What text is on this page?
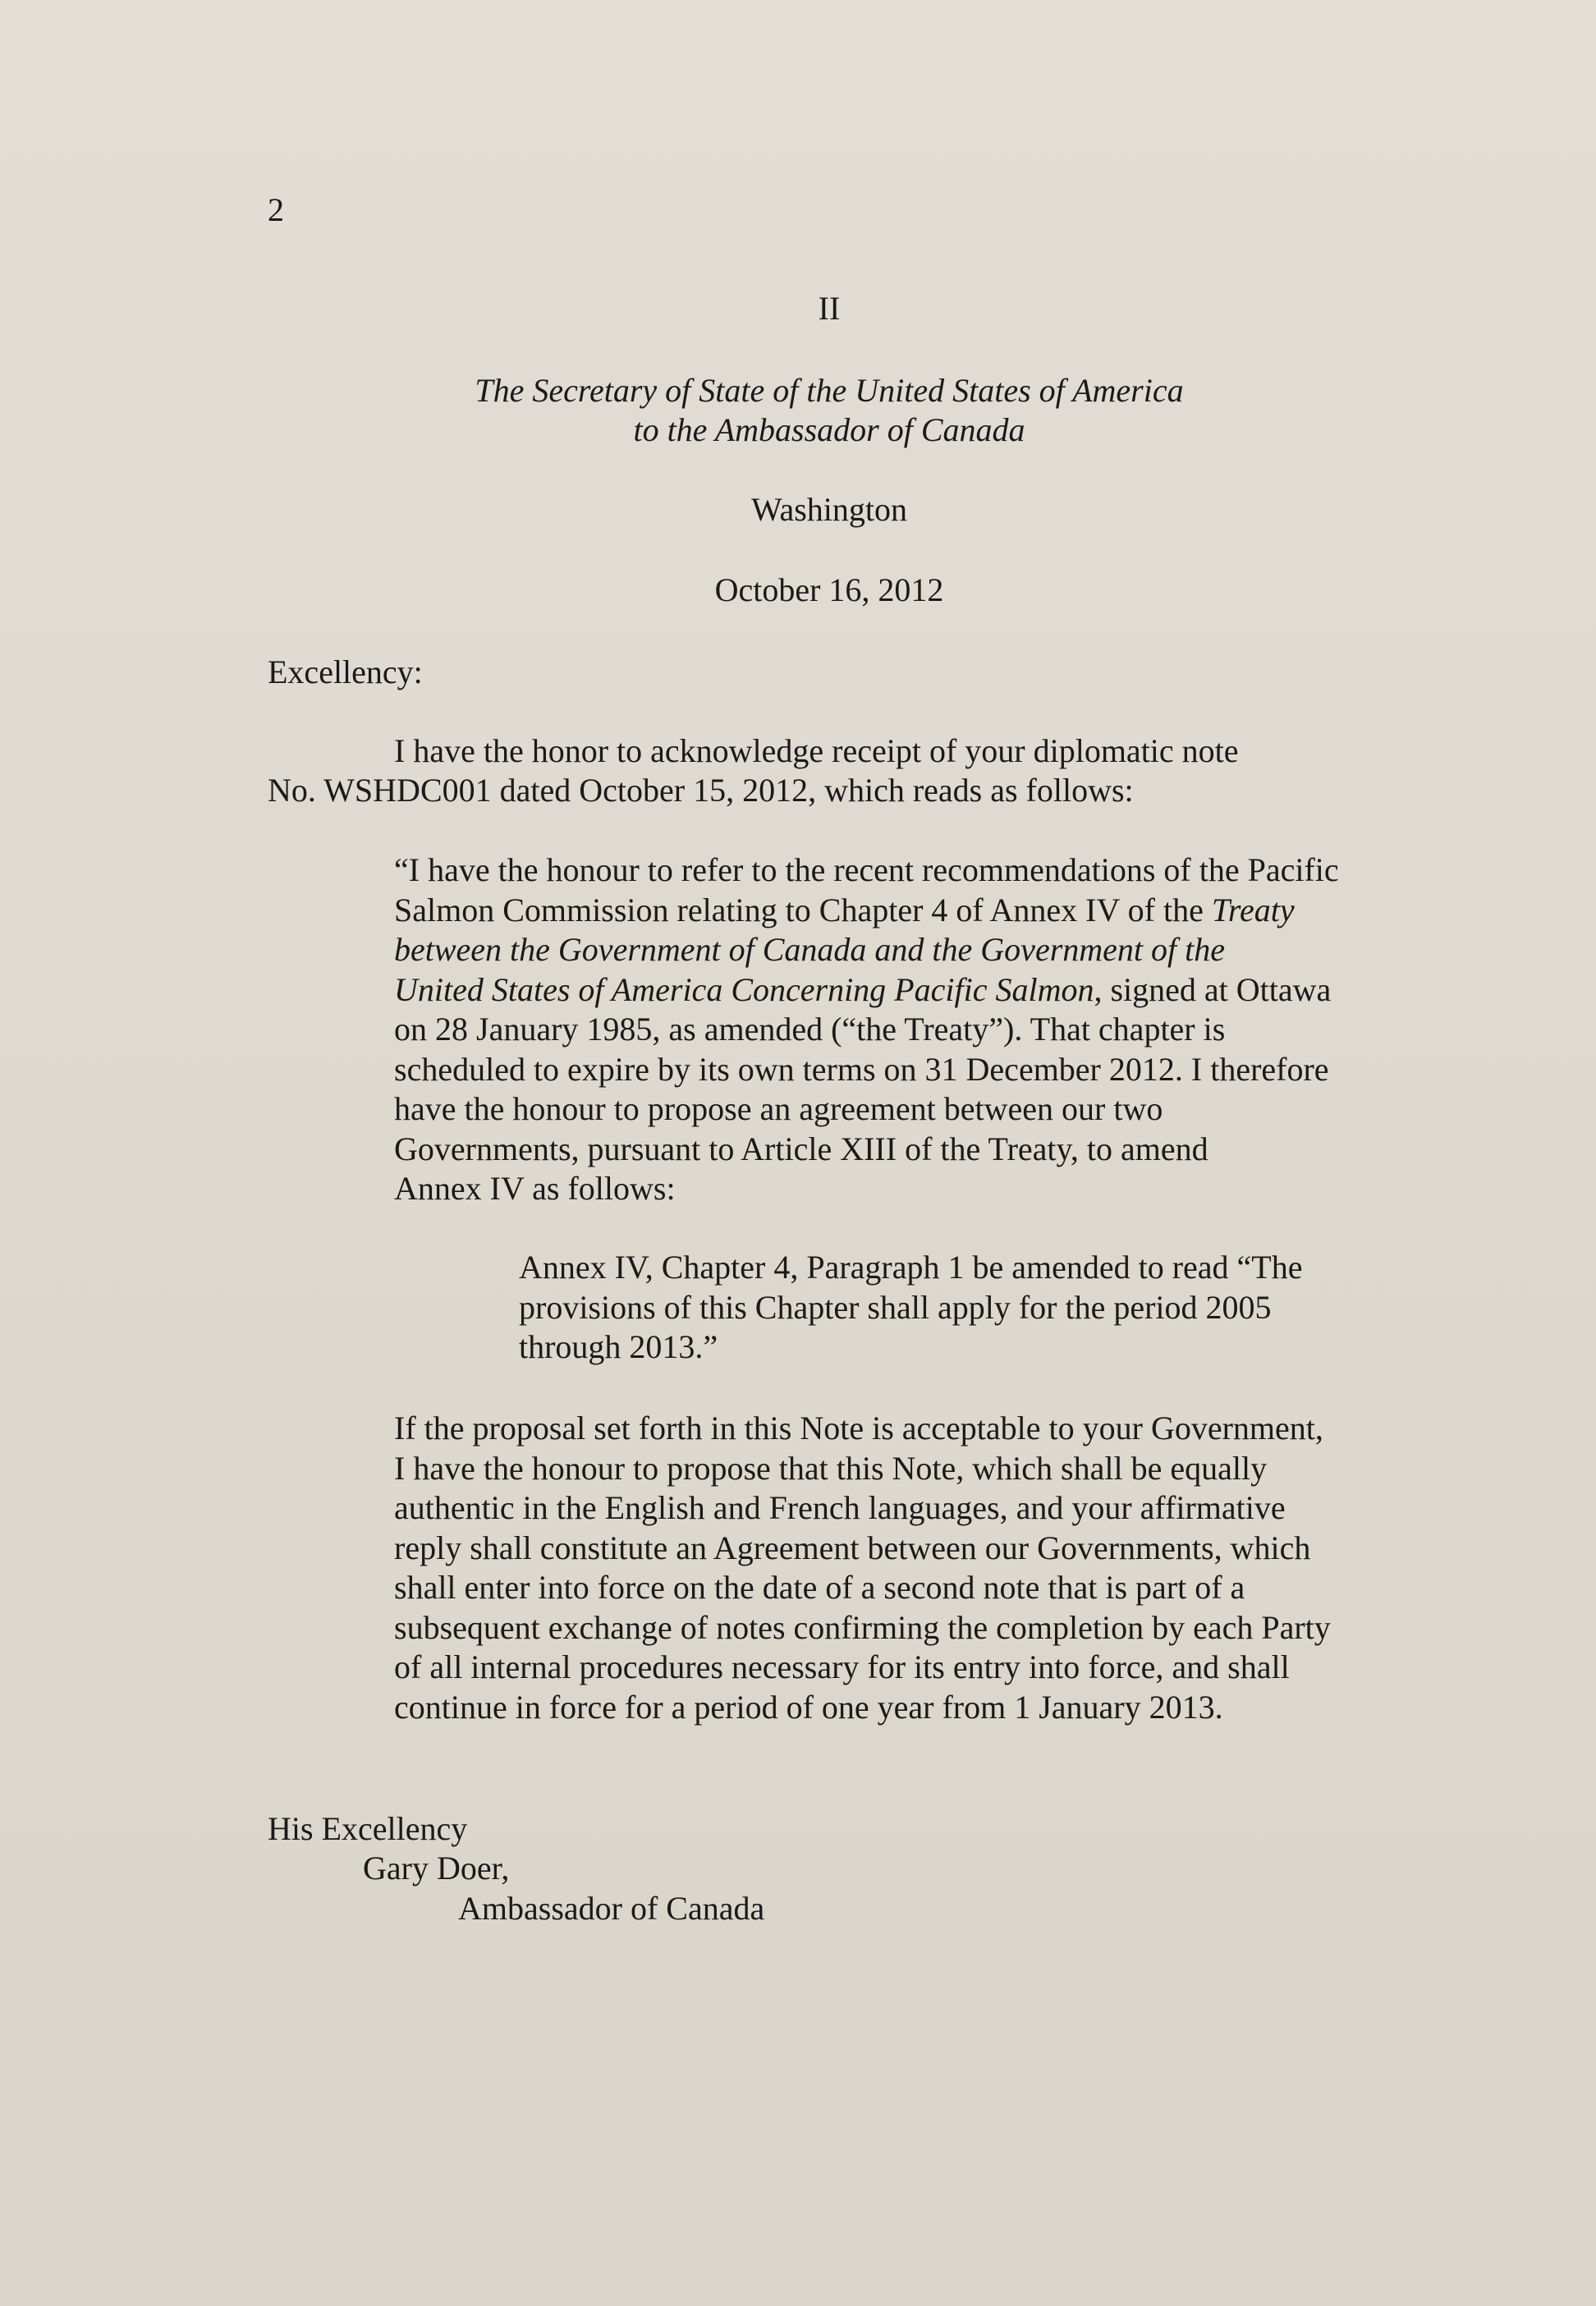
2
II
The Secretary of State of the United States of America
to the Ambassador of Canada
Washington
October 16, 2012
Excellency:
I have the honor to acknowledge receipt of your diplomatic note
No. WSHDC001 dated October 15, 2012, which reads as follows:
“I have the honour to refer to the recent recommendations of the Pacific
Salmon Commission relating to Chapter 4 of Annex IV of the Treaty
between the Government of Canada and the Government of the
United States of America Concerning Pacific Salmon, signed at Ottawa
on 28 January 1985, as amended (“the Treaty”). That chapter is
scheduled to expire by its own terms on 31 December 2012. I therefore
have the honour to propose an agreement between our two
Governments, pursuant to Article XIII of the Treaty, to amend
Annex IV as follows:
Annex IV, Chapter 4, Paragraph 1 be amended to read “The
provisions of this Chapter shall apply for the period 2005
through 2013.”
If the proposal set forth in this Note is acceptable to your Government,
I have the honour to propose that this Note, which shall be equally
authentic in the English and French languages, and your affirmative
reply shall constitute an Agreement between our Governments, which
shall enter into force on the date of a second note that is part of a
subsequent exchange of notes confirming the completion by each Party
of all internal procedures necessary for its entry into force, and shall
continue in force for a period of one year from 1 January 2013.
His Excellency
Gary Doer,
Ambassador of Canada
